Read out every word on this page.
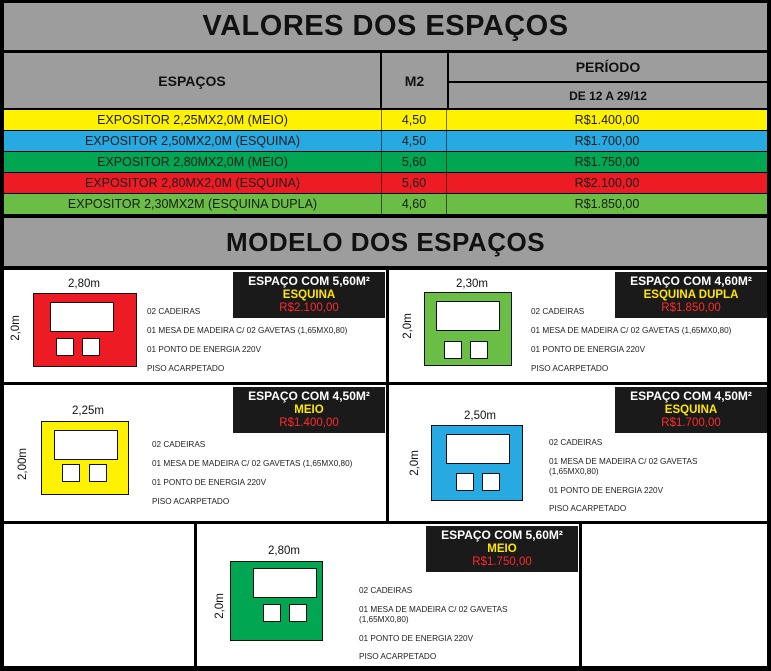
VALORES DOS ESPAÇOS
ESPAÇOS	M2
PERÍODO
DE 12 A 29/12
EXPOSITOR 2,25MX2,0M (MEIO)	4,50	R$1.400,00
EXPOSITOR 2,50MX2,0M (ESQUINA)	4,50	R$1.700,00
EXPOSITOR 2,80MX2,0M (MEIO)	5,60	R$1.750,00
EXPOSITOR 2,80MX2,0M (ESQUINA)	5,60	R$2.100,00
EXPOSITOR 2,30MX2M (ESQUINA DUPLA)	4,60	R$1.850,00
MODELO DOS ESPAÇOS
ESPAÇO COM 5,60M²
ESQUINA
R$2.100,00
2,80m
2,0m
02 CADEIRAS
01 MESA DE MADEIRA C/ 02 GAVETAS (1,65MX0,80)
01 PONTO DE ENERGIA 220V
PISO ACARPETADO
ESPAÇO COM 4,60M²
ESQUINA DUPLA
R$1.850,00
2,30m
2,0m
02 CADEIRAS
01 MESA DE MADEIRA C/ 02 GAVETAS (1,65MX0,80)
01 PONTO DE ENERGIA 220V
PISO ACARPETADO
ESPAÇO COM 4,50M²
MEIO
R$1.400,00
2,25m
2,00m
02 CADEIRAS
01 MESA DE MADEIRA C/ 02 GAVETAS (1,65MX0,80)
01 PONTO DE ENERGIA 220V
PISO ACARPETADO
ESPAÇO COM 4,50M²
ESQUINA
R$1.700,00
2,50m
2,0m
02 CADEIRAS
01 MESA DE MADEIRA C/ 02 GAVETAS
(1,65MX0,80)
01 PONTO DE ENERGIA 220V
PISO ACARPETADO
ESPAÇO COM 5,60M²
MEIO
R$1.750,00
2,80m
2,0m
02 CADEIRAS
01 MESA DE MADEIRA C/ 02 GAVETAS
(1,65MX0,80)
01 PONTO DE ENERGIA 220V
PISO ACARPETADO
